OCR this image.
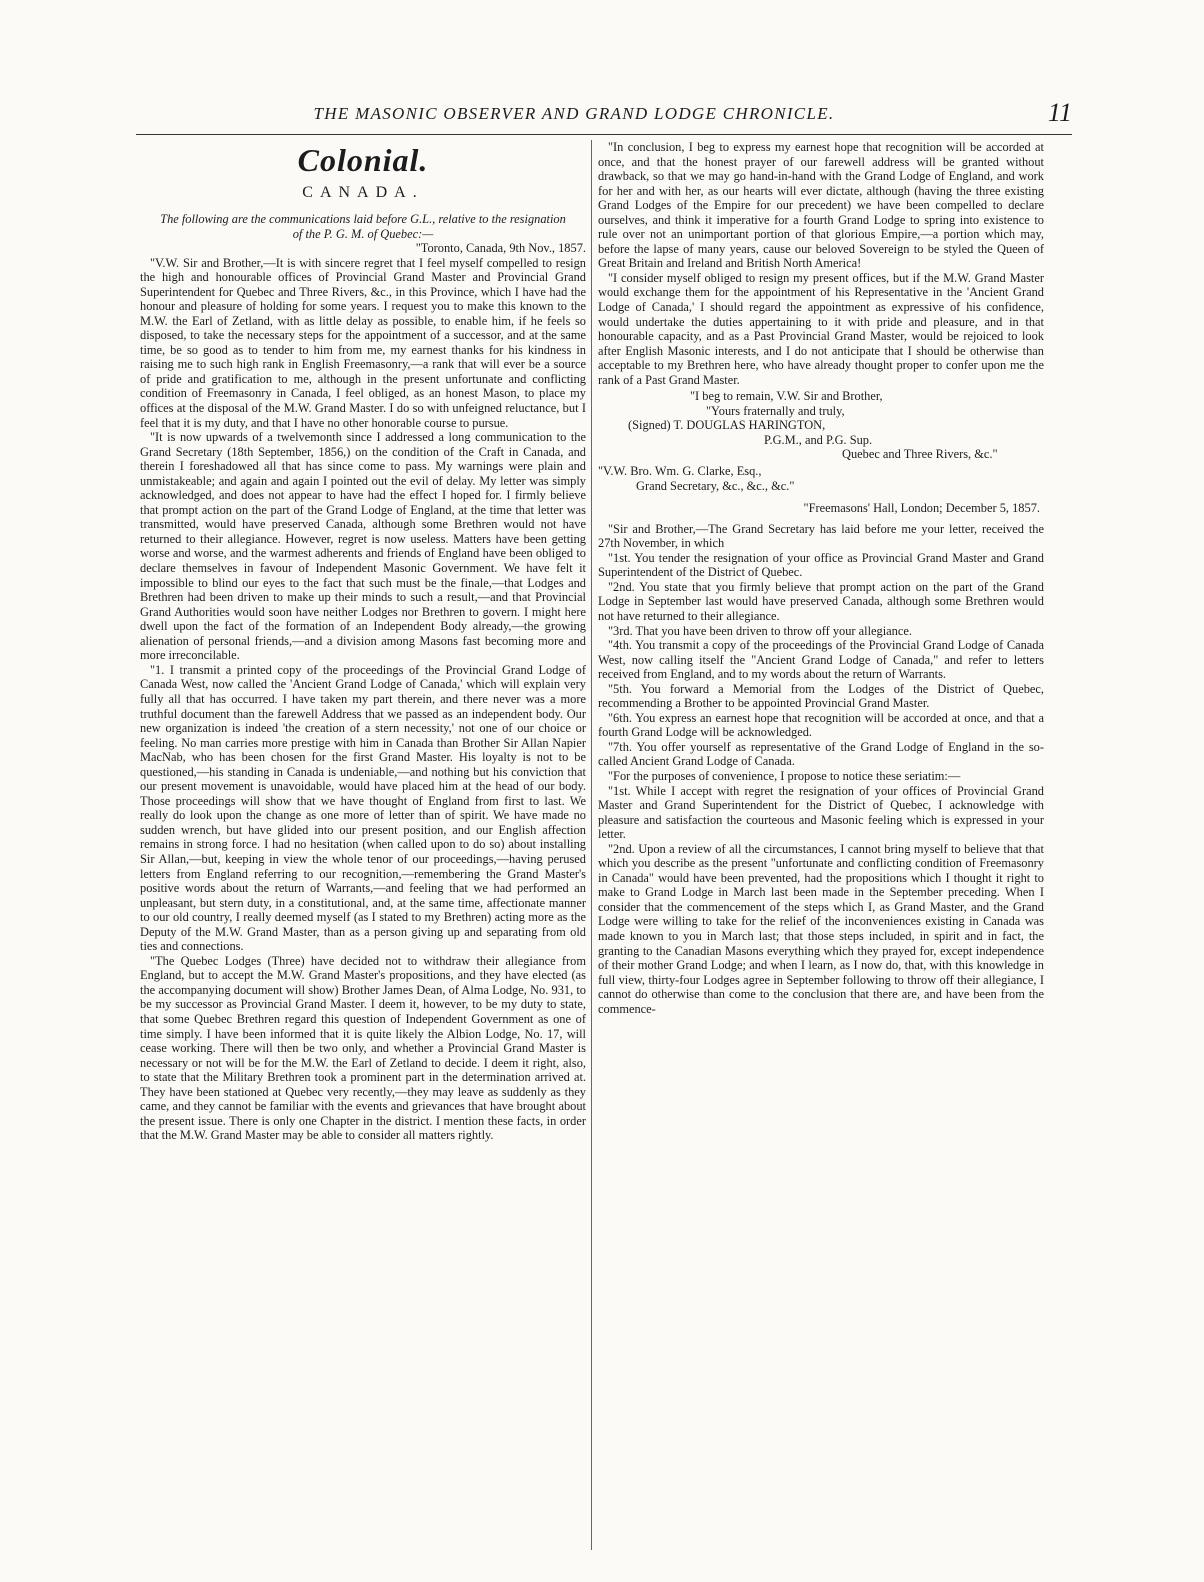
THE MASONIC OBSERVER AND GRAND LODGE CHRONICLE.	11
Colonial.
CANADA.
The following are the communications laid before G.L., relative to the resignation of the P. G. M. of Quebec:—

"Toronto, Canada, 9th Nov., 1857.

"V.W. Sir and Brother,—It is with sincere regret that I feel myself compelled to resign the high and honourable offices of Provincial Grand Master and Provincial Grand Superintendent for Quebec and Three Rivers, &c., in this Province, which I have had the honour and pleasure of holding for some years. I request you to make this known to the M.W. the Earl of Zetland, with as little delay as possible, to enable him, if he feels so disposed, to take the necessary steps for the appointment of a successor, and at the same time, be so good as to tender to him from me, my earnest thanks for his kindness in raising me to such high rank in English Freemasonry,—a rank that will ever be a source of pride and gratification to me, although in the present unfortunate and conflicting condition of Freemasonry in Canada, I feel obliged, as an honest Mason, to place my offices at the disposal of the M.W. Grand Master. I do so with unfeigned reluctance, but I feel that it is my duty, and that I have no other honorable course to pursue.

"It is now upwards of a twelvemonth since I addressed a long communication to the Grand Secretary (18th September, 1856,) on the condition of the Craft in Canada, and therein I foreshadowed all that has since come to pass. My warnings were plain and unmistakeable; and again and again I pointed out the evil of delay. My letter was simply acknowledged, and does not appear to have had the effect I hoped for. I firmly believe that prompt action on the part of the Grand Lodge of England, at the time that letter was transmitted, would have preserved Canada, although some Brethren would not have returned to their allegiance. However, regret is now useless. Matters have been getting worse and worse, and the warmest adherents and friends of England have been obliged to declare themselves in favour of Independent Masonic Government. We have felt it impossible to blind our eyes to the fact that such must be the finale,—that Lodges and Brethren had been driven to make up their minds to such a result,—and that Provincial Grand Authorities would soon have neither Lodges nor Brethren to govern. I might here dwell upon the fact of the formation of an Independent Body already,—the growing alienation of personal friends,—and a division among Masons fast becoming more and more irreconcilable.

"1. I transmit a printed copy of the proceedings of the Provincial Grand Lodge of Canada West, now called the 'Ancient Grand Lodge of Canada,' which will explain very fully all that has occurred. I have taken my part therein, and there never was a more truthful document than the farewell Address that we passed as an independent body. Our new organization is indeed 'the creation of a stern necessity,' not one of our choice or feeling. No man carries more prestige with him in Canada than Brother Sir Allan Napier MacNab, who has been chosen for the first Grand Master. His loyalty is not to be questioned,—his standing in Canada is undeniable,—and nothing but his conviction that our present movement is unavoidable, would have placed him at the head of our body. Those proceedings will show that we have thought of England from first to last. We really do look upon the change as one more of letter than of spirit. We have made no sudden wrench, but have glided into our present position, and our English affection remains in strong force. I had no hesitation (when called upon to do so) about installing Sir Allan,—but, keeping in view the whole tenor of our proceedings,—having perused letters from England referring to our recognition,—remembering the Grand Master's positive words about the return of Warrants,—and feeling that we had performed an unpleasant, but stern duty, in a constitutional, and, at the same time, affectionate manner to our old country, I really deemed myself (as I stated to my Brethren) acting more as the Deputy of the M.W. Grand Master, than as a person giving up and separating from old ties and connections.

"The Quebec Lodges (Three) have decided not to withdraw their allegiance from England, but to accept the M.W. Grand Master's propositions, and they have elected (as the accompanying document will show) Brother James Dean, of Alma Lodge, No. 931, to be my successor as Provincial Grand Master. I deem it, however, to be my duty to state, that some Quebec Brethren regard this question of Independent Government as one of time simply. I have been informed that it is quite likely the Albion Lodge, No. 17, will cease working. There will then be two only, and whether a Provincial Grand Master is necessary or not will be for the M.W. the Earl of Zetland to decide. I deem it right, also, to state that the Military Brethren took a prominent part in the determination arrived at. They have been stationed at Quebec very recently,—they may leave as suddenly as they came, and they cannot be familiar with the events and grievances that have brought about the present issue. There is only one Chapter in the district. I mention these facts, in order that the M.W. Grand Master may be able to consider all matters rightly.

"In conclusion, I beg to express my earnest hope that recognition will be accorded at once, and that the honest prayer of our farewell address will be granted without drawback, so that we may go hand-in-hand with the Grand Lodge of England, and work for her and with her, as our hearts will ever dictate, although (having the three existing Grand Lodges of the Empire for our precedent) we have been compelled to declare ourselves, and think it imperative for a fourth Grand Lodge to spring into existence to rule over not an unimportant portion of that glorious Empire,—a portion which may, before the lapse of many years, cause our beloved Sovereign to be styled the Queen of Great Britain and Ireland and British North America!

"I consider myself obliged to resign my present offices, but if the M.W. Grand Master would exchange them for the appointment of his Representative in the 'Ancient Grand Lodge of Canada,' I should regard the appointment as expressive of his confidence, would undertake the duties appertaining to it with pride and pleasure, and in that honourable capacity, and as a Past Provincial Grand Master, would be rejoiced to look after English Masonic interests, and I do not anticipate that I should be otherwise than acceptable to my Brethren here, who have already thought proper to confer upon me the rank of a Past Grand Master.

"I beg to remain, V.W. Sir and Brother,

"Yours fraternally and truly,

(Signed) T. DOUGLAS HARINGTON,

P.G.M., and P.G. Sup.

Quebec and Three Rivers, &c."

"V.W. Bro. Wm. G. Clarke, Esq.,

Grand Secretary, &c., &c., &c."

"Freemasons' Hall, London; December 5, 1857.

"Sir and Brother,—The Grand Secretary has laid before me your letter, received the 27th November, in which

"1st. You tender the resignation of your office as Provincial Grand Master and Grand Superintendent of the District of Quebec.

"2nd. You state that you firmly believe that prompt action on the part of the Grand Lodge in September last would have preserved Canada, although some Brethren would not have returned to their allegiance.

"3rd. That you have been driven to throw off your allegiance.

"4th. You transmit a copy of the proceedings of the Provincial Grand Lodge of Canada West, now calling itself the "Ancient Grand Lodge of Canada," and refer to letters received from England, and to my words about the return of Warrants.

"5th. You forward a Memorial from the Lodges of the District of Quebec, recommending a Brother to be appointed Provincial Grand Master.

"6th. You express an earnest hope that recognition will be accorded at once, and that a fourth Grand Lodge will be acknowledged.

"7th. You offer yourself as representative of the Grand Lodge of England in the so-called Ancient Grand Lodge of Canada.

"For the purposes of convenience, I propose to notice these seriatim:—

"1st. While I accept with regret the resignation of your offices of Provincial Grand Master and Grand Superintendent for the District of Quebec, I acknowledge with pleasure and satisfaction the courteous and Masonic feeling which is expressed in your letter.

"2nd. Upon a review of all the circumstances, I cannot bring myself to believe that that which you describe as the present "unfortunate and conflicting condition of Freemasonry in Canada" would have been prevented, had the propositions which I thought it right to make to Grand Lodge in March last been made in the September preceding. When I consider that the commencement of the steps which I, as Grand Master, and the Grand Lodge were willing to take for the relief of the inconveniences existing in Canada was made known to you in March last; that those steps included, in spirit and in fact, the granting to the Canadian Masons everything which they prayed for, except independence of their mother Grand Lodge; and when I learn, as I now do, that, with this knowledge in full view, thirty-four Lodges agree in September following to throw off their allegiance, I cannot do otherwise than come to the conclusion that there are, and have been from the commence-
